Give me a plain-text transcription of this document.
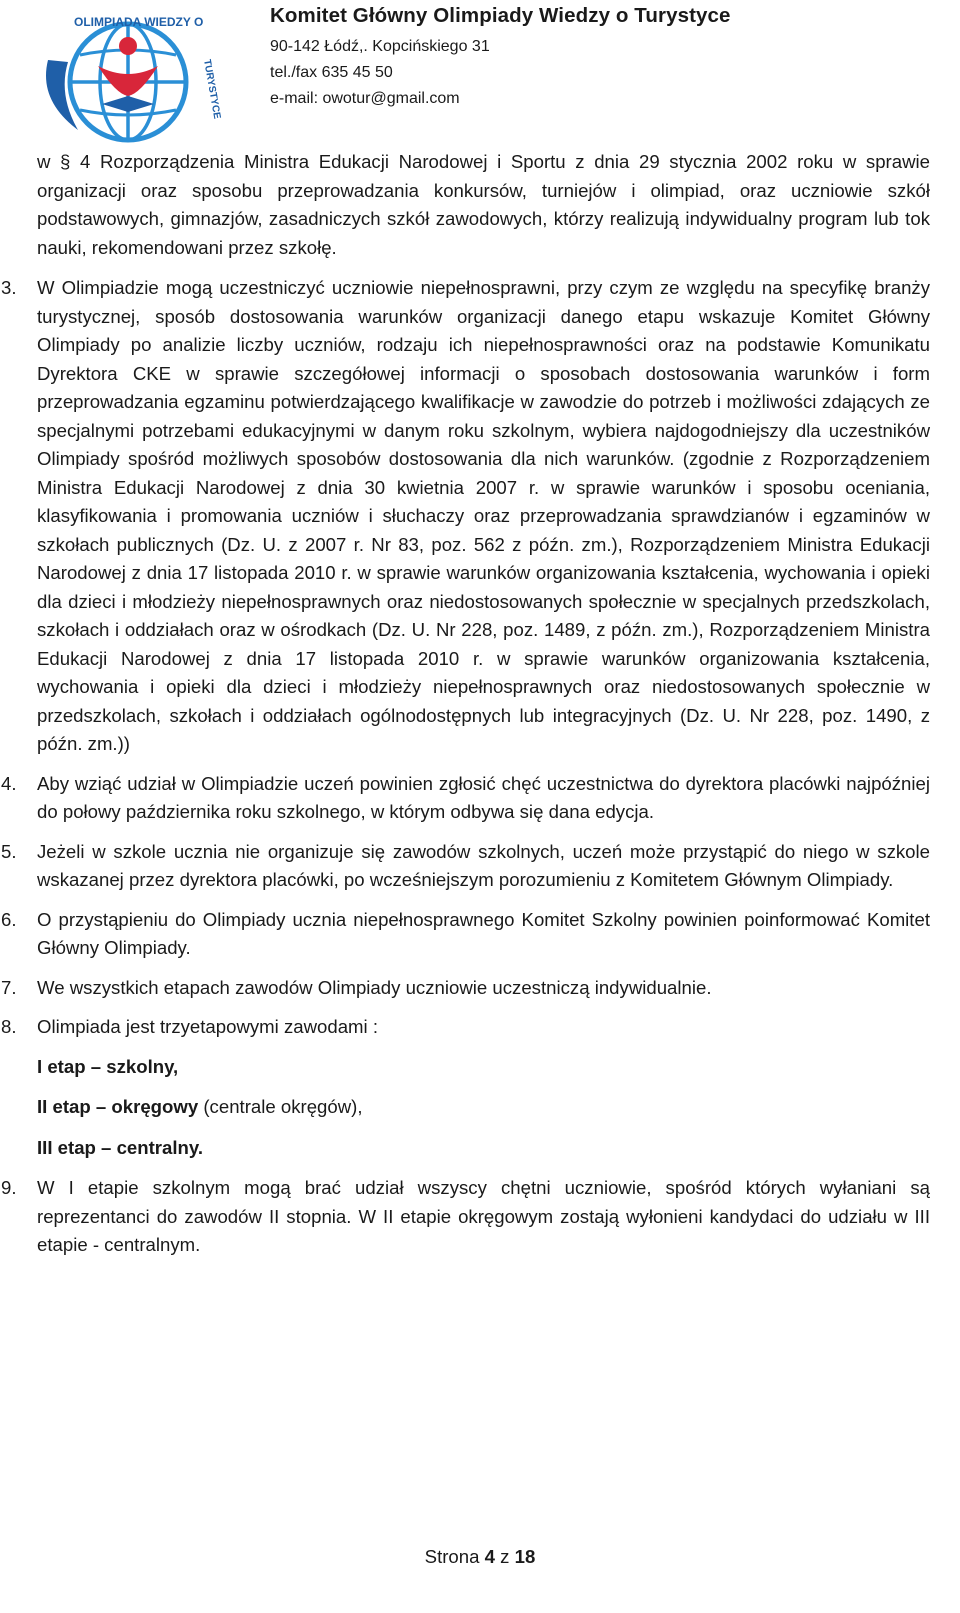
OLIMPIADA WIEDZY O
TURYSTYCE

Komitet Główny Olimpiady Wiedzy o Turystyce

90-142 Łódź,. Kopcińskiego 31

tel./fax 635 45 50

e-mail: owotur@gmail.com

w § 4 Rozporządzenia Ministra Edukacji Narodowej i Sportu z dnia 29 stycznia 2002 roku w sprawie organizacji oraz sposobu przeprowadzania konkursów, turniejów i olimpiad, oraz uczniowie szkół podstawowych, gimnazjów, zasadniczych szkół zawodowych, którzy realizują indywidualny program lub tok nauki, rekomendowani przez szkołę.

3. W Olimpiadzie mogą uczestniczyć uczniowie niepełnosprawni, przy czym ze względu na specyfikę branży turystycznej, sposób dostosowania warunków organizacji danego etapu wskazuje Komitet Główny Olimpiady po analizie liczby uczniów, rodzaju ich niepełnosprawności oraz na podstawie Komunikatu Dyrektora CKE w sprawie szczegółowej informacji o sposobach dostosowania warunków i form przeprowadzania egzaminu potwierdzającego kwalifikacje w zawodzie do potrzeb i możliwości zdających ze specjalnymi potrzebami edukacyjnymi w danym roku szkolnym, wybiera najdogodniejszy dla uczestników Olimpiady spośród możliwych sposobów dostosowania dla nich warunków. (zgodnie z Rozporządzeniem Ministra Edukacji Narodowej z dnia 30 kwietnia 2007 r. w sprawie warunków i sposobu oceniania, klasyfikowania i promowania uczniów i słuchaczy oraz przeprowadzania sprawdzianów i egzaminów w szkołach publicznych (Dz. U. z 2007 r. Nr 83, poz. 562 z późn. zm.), Rozporządzeniem Ministra Edukacji Narodowej z dnia 17 listopada 2010 r. w sprawie warunków organizowania kształcenia, wychowania i opieki dla dzieci i młodzieży niepełnosprawnych oraz niedostosowanych społecznie w specjalnych przedszkolach, szkołach i oddziałach oraz w ośrodkach (Dz. U. Nr 228, poz. 1489, z późn. zm.), Rozporządzeniem Ministra Edukacji Narodowej z dnia 17 listopada 2010 r. w sprawie warunków organizowania kształcenia, wychowania i opieki dla dzieci i młodzieży niepełnosprawnych oraz niedostosowanych społecznie w przedszkolach, szkołach i oddziałach ogólnodostępnych lub integracyjnych (Dz. U. Nr 228, poz. 1490, z późn. zm.))
4. Aby wziąć udział w Olimpiadzie uczeń powinien zgłosić chęć uczestnictwa do dyrektora placówki najpóźniej do połowy października roku szkolnego, w którym odbywa się dana edycja.
5. Jeżeli w szkole ucznia nie organizuje się zawodów szkolnych, uczeń może przystąpić do niego w szkole wskazanej przez dyrektora placówki, po wcześniejszym porozumieniu z Komitetem Głównym Olimpiady.
6. O przystąpieniu do Olimpiady ucznia niepełnosprawnego Komitet Szkolny powinien poinformować Komitet Główny Olimpiady.
7. We wszystkich etapach zawodów Olimpiady uczniowie uczestniczą indywidualnie.
8. Olimpiada jest trzyetapowymi zawodami :
I etap – szkolny,
II etap – okręgowy (centrale okręgów),
III etap – centralny.
9. W I etapie szkolnym mogą brać udział wszyscy chętni uczniowie, spośród których wyłaniani są reprezentanci do zawodów II stopnia. W II etapie okręgowym zostają wyłonieni kandydaci do udziału w III etapie - centralnym.
Strona 4 z 18
